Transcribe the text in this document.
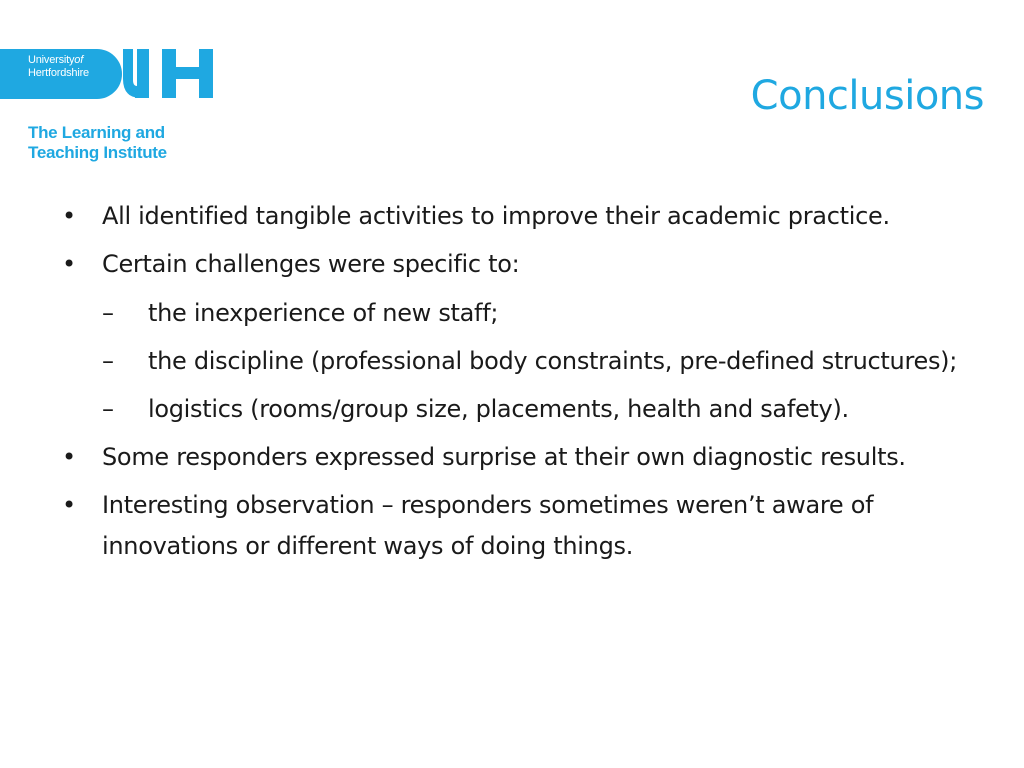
Universityof
Hertfordshire
The Learning and
Teaching Institute
Conclusions
•	All identified tangible activities to improve their academic practice.
•	Certain challenges were specific to:
–	the inexperience of new staff;
–	the discipline (professional body constraints, pre-defined structures);
–	logistics (rooms/group size, placements, health and safety).
•	Some responders expressed surprise at their own diagnostic results.
•	Interesting observation – responders sometimes weren’t aware of innovations or different ways of doing things.
